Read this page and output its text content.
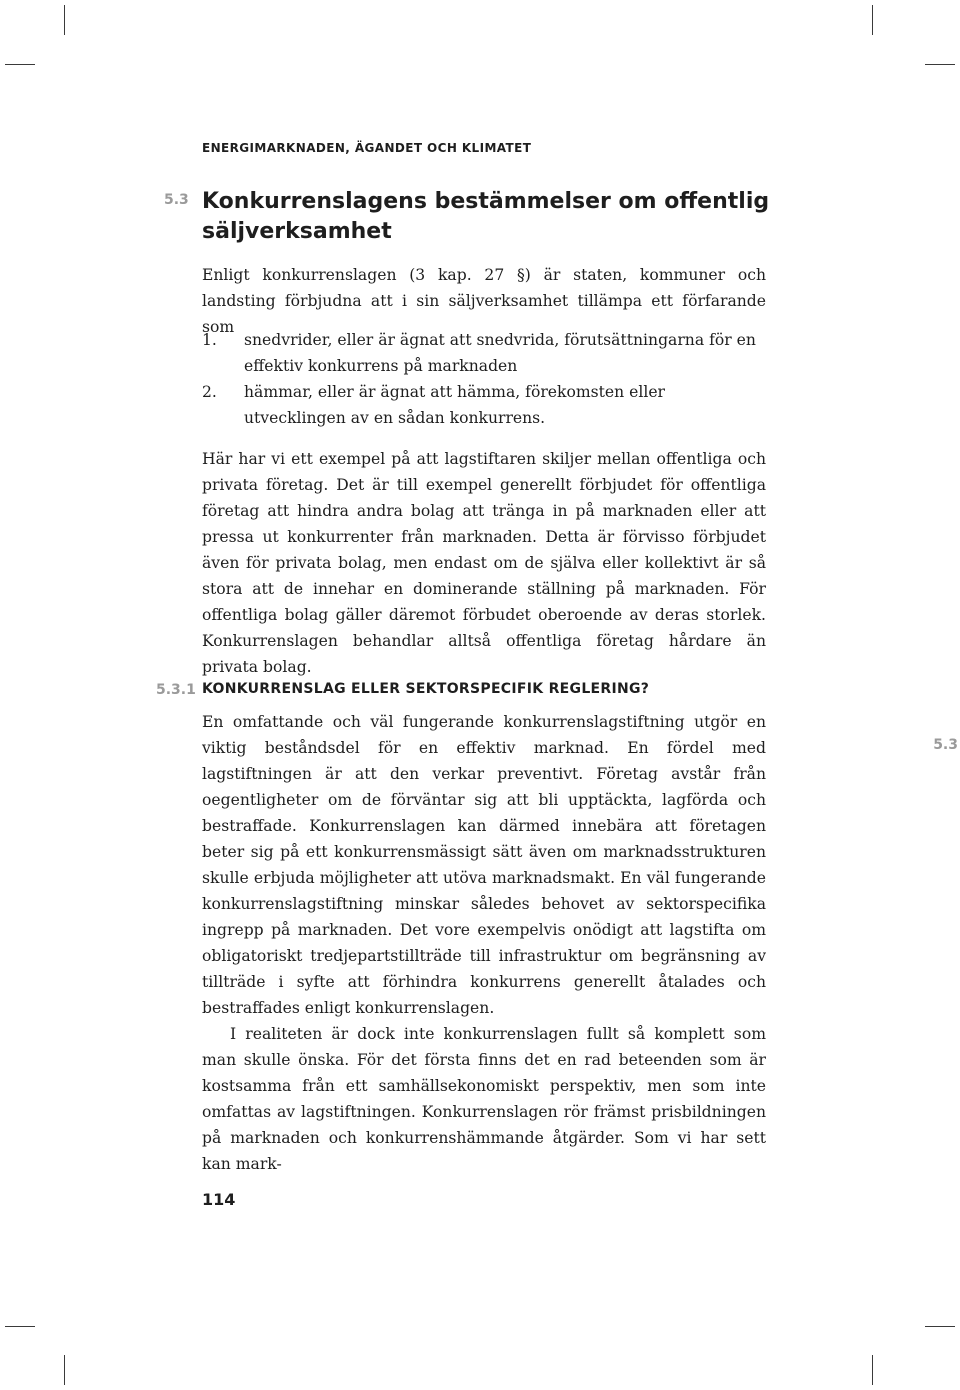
ENERGIMARKNADEN, ÄGANDET OCH KLIMATET
5.3 Konkurrenslagens bestämmelser om offentlig säljverksamhet

Enligt konkurrenslagen (3 kap. 27 §) är staten, kommuner och landsting förbjudna att i sin säljverksamhet tillämpa ett förfarande som

1.	snedvrider, eller är ägnat att snedvrida, förutsättningarna för en effektiv konkurrens på marknaden
2.	hämmar, eller är ägnat att hämma, förekomsten eller utvecklingen av en sådan konkurrens.

Här har vi ett exempel på att lagstiftaren skiljer mellan offentliga och privata företag. Det är till exempel generellt förbjudet för offentliga företag att hindra andra bolag att tränga in på marknaden eller att pressa ut konkurrenter från marknaden. Detta är förvisso förbjudet även för privata bolag, men endast om de själva eller kollektivt är så stora att de innehar en dominerande ställning på marknaden. För offentliga bolag gäller däremot förbudet oberoende av deras storlek. Konkurrenslagen behandlar alltså offentliga företag hårdare än privata bolag.

5.3.1 KONKURRENSLAG ELLER SEKTORSPECIFIK REGLERING?

En omfattande och väl fungerande konkurrenslagstiftning utgör en viktig beståndsdel för en effektiv marknad. En fördel med lagstiftningen är att den verkar preventivt. Företag avstår från oegentligheter om de förväntar sig att bli upptäckta, lagförda och bestraffade. Konkurrenslagen kan därmed innebära att företagen beter sig på ett konkurrensmässigt sätt även om marknadsstrukturen skulle erbjuda möjligheter att utöva marknadsmakt. En väl fungerande konkurrenslagstiftning minskar således behovet av sektorspecifika ingrepp på marknaden. Det vore exempelvis onödigt att lagstifta om obligatoriskt tredjepartstillträde till infrastruktur om begränsning av tillträde i syfte att förhindra konkurrens generellt åtalades och bestraffades enligt konkurrenslagen.

I realiteten är dock inte konkurrenslagen fullt så komplett som man skulle önska. För det första finns det en rad beteenden som är kostsamma från ett samhällsekonomiskt perspektiv, men som inte omfattas av lagstiftningen. Konkurrenslagen rör främst prisbildningen på marknaden och konkurrenshämmande åtgärder. Som vi har sett kan mark-

5.3
114
